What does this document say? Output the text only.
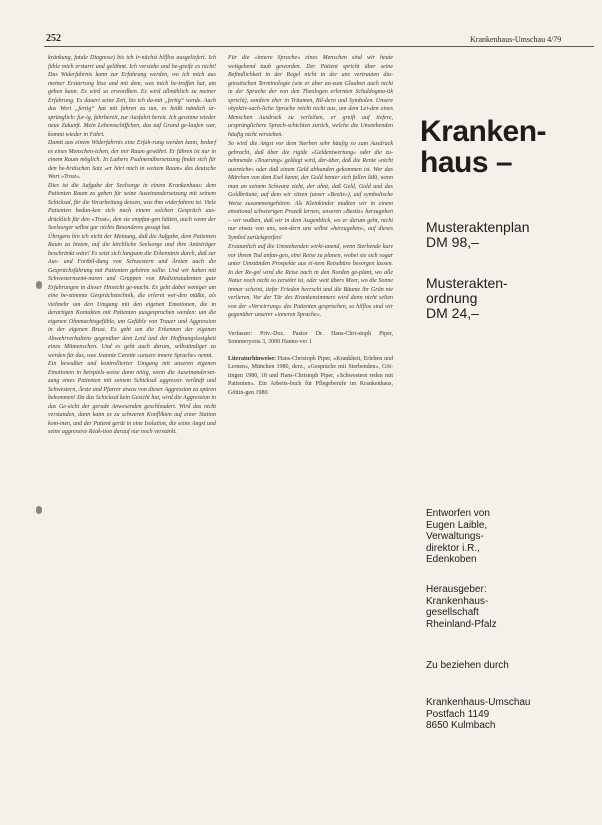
252	Krankenhaus-Umschau 4/79

kränkung, fatale Diagnose) bis ich ir-nächst hilflos ausgeliefert. Ich fühle mich erstarrt und gelähmt. Ich versiehe und be-greife es nicht! Das Widerfahrnis kann zur Erfahrung werden, wo ich mich aus meiner Erstarrung löse und mit dem, was mich be-troffen hat, um gehen kann. Es wird so erwordben. Es wird allmählich zu meiner Erfahrung. Es dauert seine Zeit, bis ich da-mit „fertig“ werde. Auch das Wort „fertig“ hat mit fahren zu tun, es heißt nämlich ur-sprünglich: fur-ig, fahrbereit, zur Ausfahrt bereit. Ich gewinne wieder neue Zukunft. Mein Lebensschiffchen, das auf Grund ge-laufen war, kommt wieder in Fahrt.

Damit aus einem Widerfahrnis eine Erfah-rung werden kann, bedarf es eines Menschen-ichen, der mir Raum gewährt. Er führen ist nur in einem Raum möglich. In Luthers Psalmenübersetzung findet sich für den he-bräischen Satz »er hört mich in weitem Raum« das deutsche Wort »Trost«.

Dies ist die Aufgabe der Seelsorge in einem Krankenhaus: dem Patienten Raum zu geben für seine Auseinandersetzung mit seinem Schicksal, für die Verarbeitung dessen, was ihm widerfahren ist. Viele Patienten bedan-ken sich nach einem solchen Gespräch aus-drücklich für den »Trost«, den sie empfan-gen hätten, auch wenn der Seelsorger selbst gar nichts Besonderes gesagt hat.

Übrigens bin ich nicht der Meinung, daß die Aufgabe, dem Patienten Raum zu bieten, auf die kirchliche Seelsorge und ihre Amtsträger beschränkt wäre! Es setzt sich langsam die Erkenntnis durch, daß zur Aus- und Fortbil-dung von Schwestern und Ärzten auch die Gesprächsführung mit Patienten gehören sollte. Und wir haben mit Schwesternsemi-naren und Gruppen von Medizinstudenten gute Erfahrungen in dieser Hinsicht ge-macht. Es geht dabei weniger um eine be-stimmte Gesprächstechnik, die erlernt wer-den müßte, als vielmehr um den Umgang mit den eigenen Emotionen, die in derartigen Kontakten mit Patienten ausgesprochen werden: um die eigenen Ohnmachtsgefühle, um Gefühle von Trauer und Aggression in der eigenen Brust. Es geht um die Erkennen der eigenen Abwehrverhaltens gegenüber dem Leid und der Hoffnungslosigkeit eines Mitmenschen. Und es geht auch darum, selbständiger zu werden für das, was Jeannie Carette »unsere innere Sprache« nennt.

Ein bewußter und kontrollierter Umgang mit unseren eigenen Emotionen in beispiels-weise dann nötig, wenn die Auseinanderset-zung eines Patienten mit seinem Schicksal aggressiv verläuft und Schwestern, Ärzte und Pfarrer etwas von dieser Aggression zu spüren bekommen! Da das Schicksal kein Gesicht hat, wird die Aggression in das Ge-sicht der gerade Anwesenden geschleudert. Wird das nicht verstanden, dann kann es zu schweren Konflikten auf einer Station kom-men, und der Patient gerät in eine Isolation, die seine Angst und seine aggressive Reak-tion darauf nur noch verstärkt.

Für die »innere Sprache« eines Menschen sind wir heute weitgehend taub geworden. Der Patient spricht über seine Befindlichkeit in der Regel nicht in der uns vertrauten dia-gnostischen Terminologie (wie er aber an-zum Glauben auch nicht in der Sprache der von den Theologen erlernten Schuldogma-tik spricht), sondern eher in Träumen, Bil-dern und Symbolen. Unsere objektiv-sach-liche Sprache reicht nicht aus, um dem Lei-den eines Menschen Ausdruck zu verleihen, er greift auf tiefere, ursprünglichere Sprach-schichten zurück, welche die Umstehenden häufig nicht verstehen.

So wird die Angst vor dem Sterben sehr häufig so zum Ausdruck gebracht, daß über die rigide »Geldentwertung« oder die zu-nehmende »Teuerung« geklagt wird, der-über, daß die Rente »nicht ausreiche« oder daß einem Geld abhanden gekommen ist. Wer das Märchen von dem Esel kennt, der Gold benter sich fallen läßt, wenn man an seinem Schwanz zieht, der ahnt, daß Geld, Gold und das Goldbräune, auf dem wir sitzen (unser »Besitz«), auf symbolische Weise zusammengehören. Als Kleinkinder mußten wir in einem emotional schwierigen Prozeß lernen, unseren »Besitz« herzugeben – wir wußten, daß wir in dem Augenblick, wo er darum geht, nicht nur etwas von uns, son-dern uns selbst »herzugeben«, auf dieses Symbol zurückgreifen!

Erstaunlich auf die Umstehenden wirkt-unend, wenn Sterbende kurz vor ihrem Tod anfan-gen, eine Reise zu planen, wobei sie sich sogar unter Umständen Prospekte aus ei-nem Reisebüro besorgen lassen. In der Re-gel wird die Reise nach in den Norden ge-plant, wo alle Natur noch nicht so zerstört ist, oder weit übers Meer, wo die Sonne immer scheint, tiefer Frieden herrscht und die Bäume ihr Grün nie verlieren. Vor der Tür des Krankenzimmers wird dann nicht selten von der »Verwirrung« des Patienten gesprochen, so hilflos sind wir gegenüber unserer »inneren Sprache«.

Verfasser: Priv.-Doz. Pastor Dr. Hans-Chri-stoph Piper, Sommeryoria 3, 3000 Hanno-ver 1

Literaturhinweise: Hans-Christoph Piper, »Krankheit, Erleben und Lernen«, München 1980, derz., »Gespräche mit Sterbenden«, Göt-tingen 1980, 18 und Hans-Christoph Piper, »Schwestern reden mit Patienten«. Ein Arbeits-buch für Pflegeberufe im Krankenhaus, Göttin-gen 1980.

Kranken-
haus –
Musteraktenplan
DM 98,–
Musterakten-
ordnung
DM 24,–
Entworfen von
Eugen Laible,
Verwaltungs-
direktor i.R.,
Edenkoben
Herausgeber:
Krankenhaus-
gesellschaft
Rheinland-Pfalz
Zu beziehen durch
Krankenhaus-Umschau
Postfach 1149
8650 Kulmbach
